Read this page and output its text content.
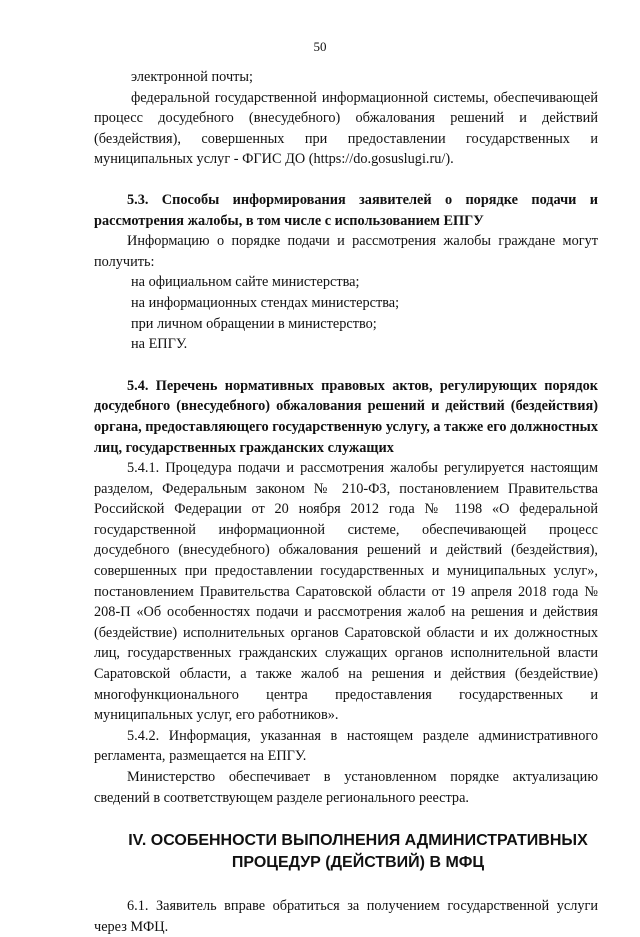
50

электронной почты;

федеральной государственной информационной системы, обеспечивающей процесс досудебного (внесудебного) обжалования решений и действий (бездействия), совершенных при предоставлении государственных и муниципальных услуг - ФГИС ДО (https://do.gosuslugi.ru/).

5.3. Способы информирования заявителей о порядке подачи и рассмотрения жалобы, в том числе с использованием ЕПГУ

Информацию о порядке подачи и рассмотрения жалобы граждане могут получить:

на официальном сайте министерства;

на информационных стендах министерства;

при личном обращении в министерство;

на ЕПГУ.

5.4. Перечень нормативных правовых актов, регулирующих порядок досудебного (внесудебного) обжалования решений и действий (бездействия) органа, предоставляющего государственную услугу, а также его должностных лиц, государственных гражданских служащих

5.4.1. Процедура подачи и рассмотрения жалобы регулируется настоящим разделом, Федеральным законом № 210-ФЗ, постановлением Правительства Российской Федерации от 20 ноября 2012 года № 1198 «О федеральной государственной информационной системе, обеспечивающей процесс досудебного (внесудебного) обжалования решений и действий (бездействия), совершенных при предоставлении государственных и муниципальных услуг», постановлением Правительства Саратовской области от 19 апреля 2018 года № 208-П «Об особенностях подачи и рассмотрения жалоб на решения и действия (бездействие) исполнительных органов Саратовской области и их должностных лиц, государственных гражданских служащих органов исполнительной власти Саратовской области, а также жалоб на решения и действия (бездействие) многофункционального центра предоставления государственных и муниципальных услуг, его работников».

5.4.2. Информация, указанная в настоящем разделе административного регламента, размещается на ЕПГУ.

Министерство обеспечивает в установленном порядке актуализацию сведений в соответствующем разделе регионального реестра.

IV. ОСОБЕННОСТИ ВЫПОЛНЕНИЯ АДМИНИСТРАТИВНЫХ
ПРОЦЕДУР (ДЕЙСТВИЙ) В МФЦ

6.1. Заявитель вправе обратиться за получением государственной услуги через МФЦ.
